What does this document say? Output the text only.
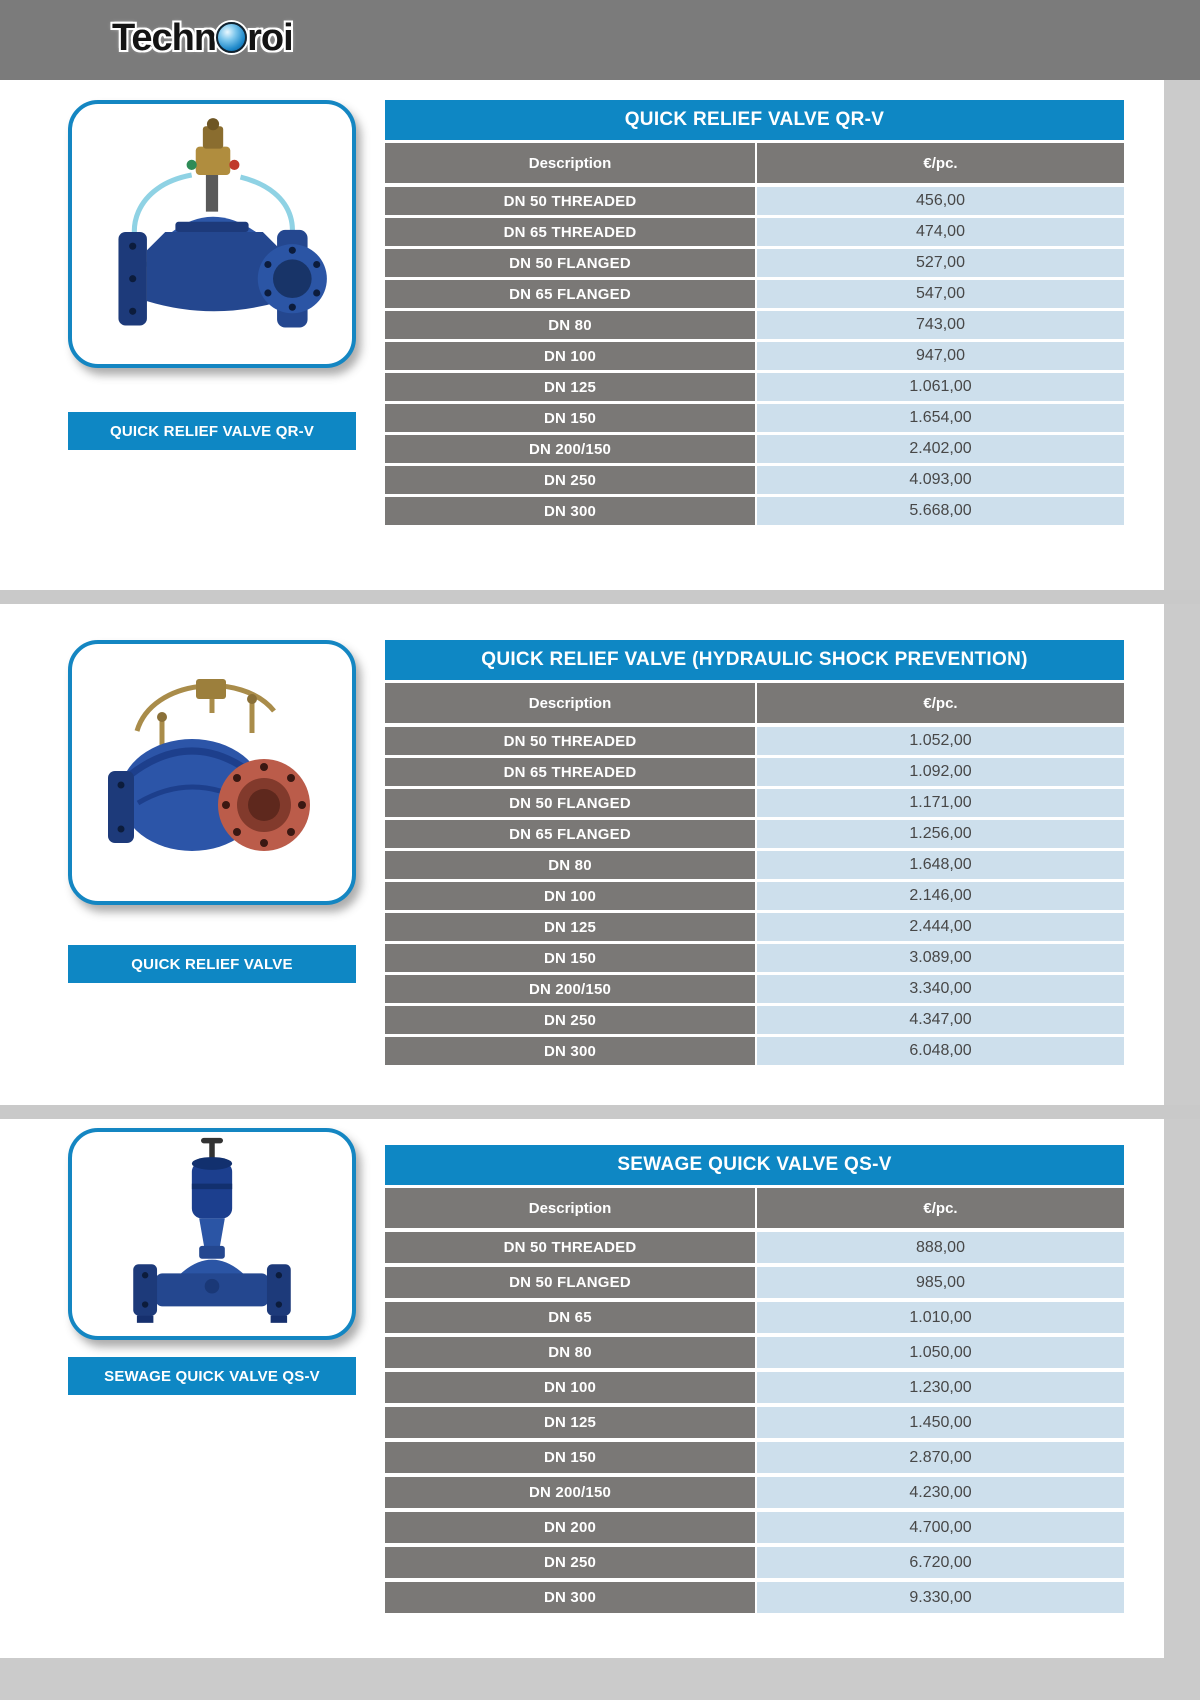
Techn roi
QUICK RELIEF VALVE QR-V
QUICK RELIEF VALVE QR-V
Description	€/pc.
DN 50 THREADED	456,00
DN 65 THREADED	474,00
DN 50 FLANGED	527,00
DN 65 FLANGED	547,00
DN 80	743,00
DN 100	947,00
DN 125	1.061,00
DN 150	1.654,00
DN 200/150	2.402,00
DN 250	4.093,00
DN 300	5.668,00
QUICK RELIEF VALVE
QUICK RELIEF VALVE (HYDRAULIC SHOCK PREVENTION)
Description	€/pc.
DN 50 THREADED	1.052,00
DN 65 THREADED	1.092,00
DN 50 FLANGED	1.171,00
DN 65 FLANGED	1.256,00
DN 80	1.648,00
DN 100	2.146,00
DN 125	2.444,00
DN 150	3.089,00
DN 200/150	3.340,00
DN 250	4.347,00
DN 300	6.048,00
SEWAGE QUICK VALVE QS-V
SEWAGE QUICK VALVE QS-V
Description	€/pc.
DN 50 THREADED	888,00
DN 50 FLANGED	985,00
DN 65	1.010,00
DN 80	1.050,00
DN 100	1.230,00
DN 125	1.450,00
DN 150	2.870,00
DN 200/150	4.230,00
DN 200	4.700,00
DN 250	6.720,00
DN 300	9.330,00
